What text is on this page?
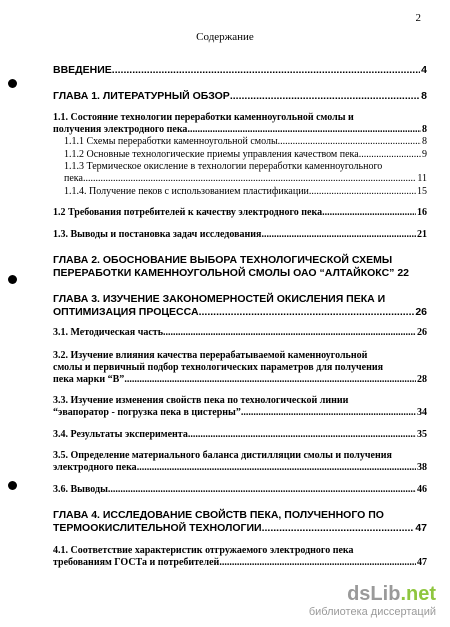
2
Содержание
ВВЕДЕНИЕ .....	4
ГЛАВА 1. ЛИТЕРАТУРНЫЙ ОБЗОР .....	8
1.1. Состояние технологии переработки каменноугольной смолы и
получения электродного пека .....	8
1.1.1 Схемы переработки каменноугольной смолы .....	8
1.1.2 Основные технологические приемы управления качеством пека .....	9
1.1.3 Термическое окисление в технологии переработки каменноугольного
пека .....	11
1.1.4. Получение пеков с использованием пластификации. .....	15
1.2 Требования потребителей к качеству электродного пека .....	16
1.3. Выводы и постановка задач исследования .....	21
ГЛАВА 2. ОБОСНОВАНИЕ ВЫБОРА ТЕХНОЛОГИЧЕСКОЙ СХЕМЫ
ПЕРЕРАБОТКИ КАМЕННОУГОЛЬНОЙ СМОЛЫ ОАО “АЛТАЙКОКС” 22
ГЛАВА 3. ИЗУЧЕНИЕ ЗАКОНОМЕРНОСТЕЙ ОКИСЛЕНИЯ ПЕКА И
ОПТИМИЗАЦИЯ ПРОЦЕССА .....	26
3.1. Методическая часть .....	26
3.2. Изучение влияния качества перерабатываемой каменноугольной
смолы и первичный подбор технологических параметров для получения
пека марки “В” .....	28
3.3. Изучение изменения свойств пека по технологической линии
“эвапоратор - погрузка пека в цистерны” .....	34
3.4. Результаты эксперимента .....	35
3.5. Определение материального баланса дистилляции смолы и получения
электродного пека .....	38
3.6. Выводы .....	46
ГЛАВА 4. ИССЛЕДОВАНИЕ СВОЙСТВ ПЕКА, ПОЛУЧЕННОГО ПО
ТЕРМООКИСЛИТЕЛЬНОЙ ТЕХНОЛОГИИ .....	47
4.1. Соответствие характеристик отгружаемого электродного пека
требованиям ГОСТа и потребителей .....	47
dsLib.net
библиотека диссертаций
